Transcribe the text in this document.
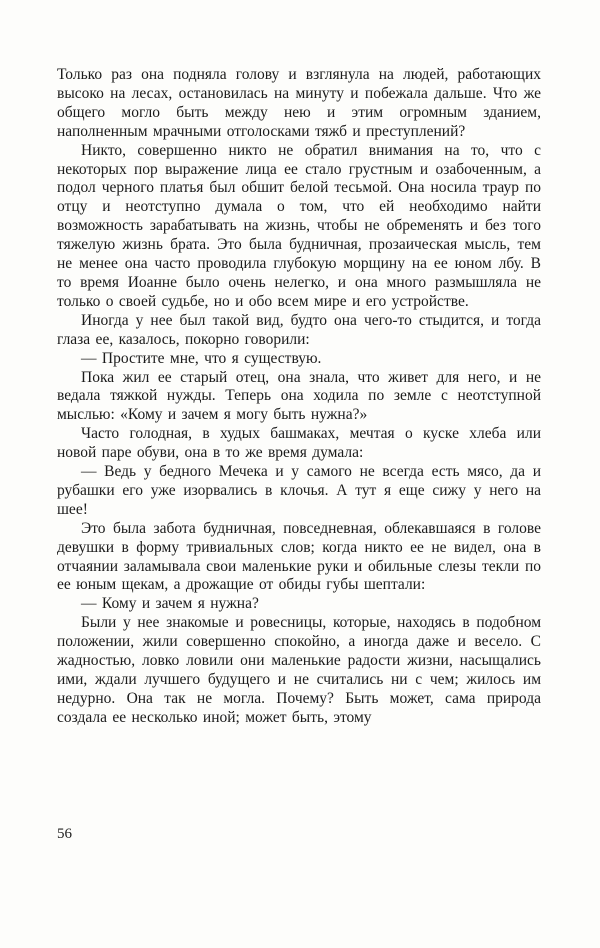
Только раз она подняла голову и взглянула на людей, работающих высоко на лесах, остановилась на минуту и побежала дальше. Что же общего могло быть между нею и этим огромным зданием, наполненным мрачными отголосками тяжб и преступлений?

Никто, совершенно никто не обратил внимания на то, что с некоторых пор выражение лица ее стало грустным и озабоченным, а подол черного платья был обшит белой тесьмой. Она носила траур по отцу и неотступно думала о том, что ей необходимо найти возможность зарабатывать на жизнь, чтобы не обременять и без того тяжелую жизнь брата. Это была будничная, прозаическая мысль, тем не менее она часто проводила глубокую морщину на ее юном лбу. В то время Иоанне было очень нелегко, и она много размышляла не только о своей судьбе, но и обо всем мире и его устройстве.

Иногда у нее был такой вид, будто она чего-то стыдится, и тогда глаза ее, казалось, покорно говорили:

— Простите мне, что я существую.

Пока жил ее старый отец, она знала, что живет для него, и не ведала тяжкой нужды. Теперь она ходила по земле с неотступной мыслью: «Кому и зачем я могу быть нужна?»

Часто голодная, в худых башмаках, мечтая о куске хлеба или новой паре обуви, она в то же время думала:

— Ведь у бедного Мечека и у самого не всегда есть мясо, да и рубашки его уже изорвались в клочья. А тут я еще сижу у него на шее!

Это была забота будничная, повседневная, облекавшаяся в голове девушки в форму тривиальных слов; когда никто ее не видел, она в отчаянии заламывала свои маленькие руки и обильные слезы текли по ее юным щекам, а дрожащие от обиды губы шептали:

— Кому и зачем я нужна?

Были у нее знакомые и ровесницы, которые, находясь в подобном положении, жили совершенно спокойно, а иногда даже и весело. С жадностью, ловко ловили они маленькие радости жизни, насыщались ими, ждали лучшего будущего и не считались ни с чем; жилось им недурно. Она так не могла. Почему? Быть может, сама природа создала ее несколько иной; может быть, этому

56
